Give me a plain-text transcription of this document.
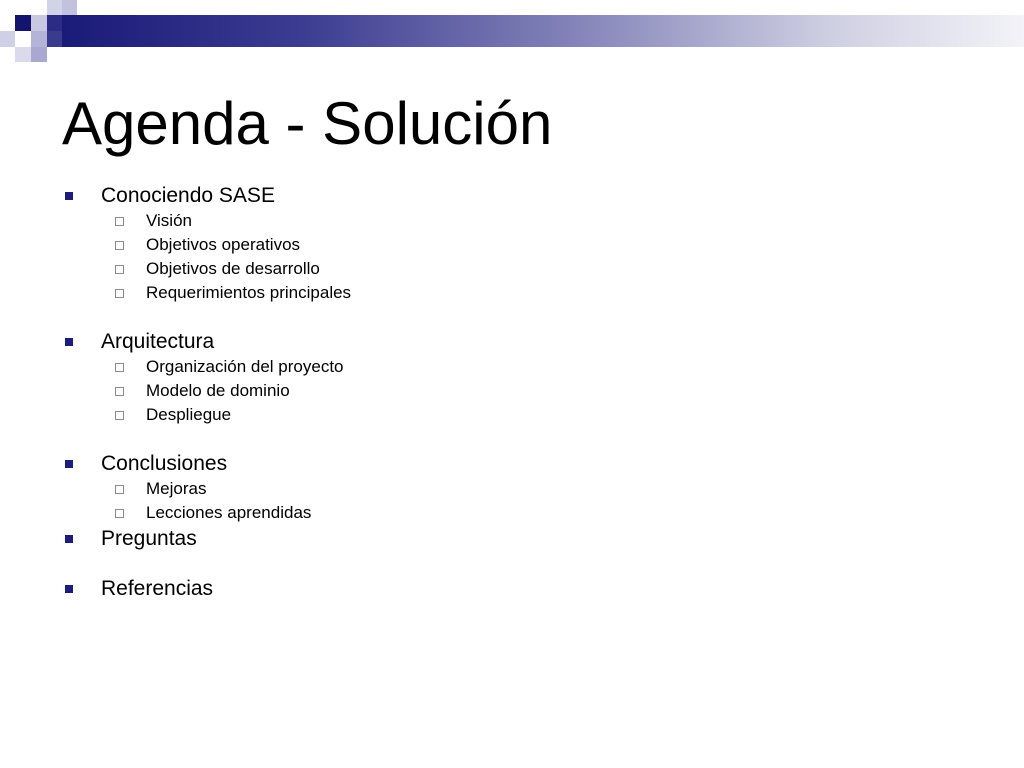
Agenda - Solución
Conociendo SASE
Visión
Objetivos operativos
Objetivos de desarrollo
Requerimientos principales
Arquitectura
Organización del proyecto
Modelo de dominio
Despliegue
Conclusiones
Mejoras
Lecciones aprendidas
Preguntas
Referencias
